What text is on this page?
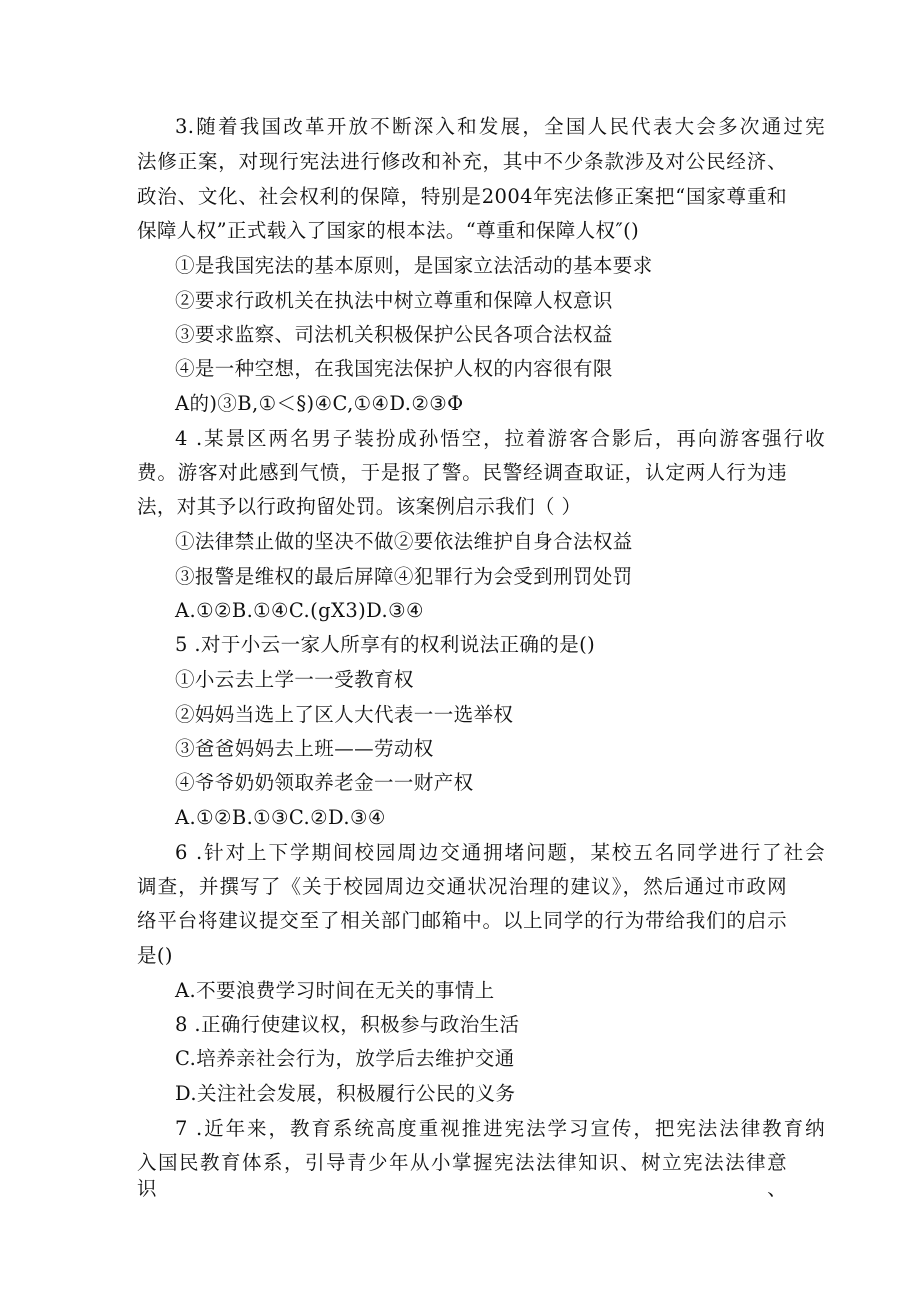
3.随着我国改革开放不断深入和发展，全国人民代表大会多次通过宪
法修正案，对现行宪法进行修改和补充，其中不少条款涉及对公民经济、
政治、文化、社会权利的保障，特别是2004年宪法修正案把“国家尊重和
保障人权”正式载入了国家的根本法。“尊重和保障人权″()
①是我国宪法的基本原则，是国家立法活动的基本要求
②要求行政机关在执法中树立尊重和保障人权意识
③要求监察、司法机关积极保护公民各项合法权益
④是一种空想，在我国宪法保护人权的内容很有限
A的)③B,①＜§)④C,①④D.②③Φ
4 .某景区两名男子装扮成孙悟空，拉着游客合影后，再向游客强行收
费。游客对此感到气愤，于是报了警。民警经调查取证，认定两人行为违
法，对其予以行政拘留处罚。该案例启示我们（ ）
①法律禁止做的坚决不做②要依法维护自身合法权益
③报警是维权的最后屏障④犯罪行为会受到刑罚处罚
A.①②B.①④C.(gX3)D.③④
5 .对于小云一家人所享有的权利说法正确的是()
①小云去上学一一受教育权
②妈妈当选上了区人大代表一一选举权
③爸爸妈妈去上班——劳动权
④爷爷奶奶领取养老金一一财产权
A.①②B.①③C.②D.③④
6 .针对上下学期间校园周边交通拥堵问题，某校五名同学进行了社会
调查，并撰写了《关于校园周边交通状况治理的建议》，然后通过市政网
络平台将建议提交至了相关部门邮箱中。以上同学的行为带给我们的启示
是()
A.不要浪费学习时间在无关的事情上
8 .正确行使建议权，积极参与政治生活
C.培养亲社会行为，放学后去维护交通
D.关注社会发展，积极履行公民的义务
7 .近年来，教育系统高度重视推进宪法学习宣传，把宪法法律教育纳
入国民教育体系，引导青少年从小掌握宪法法律知识、树立宪法法律意识、
